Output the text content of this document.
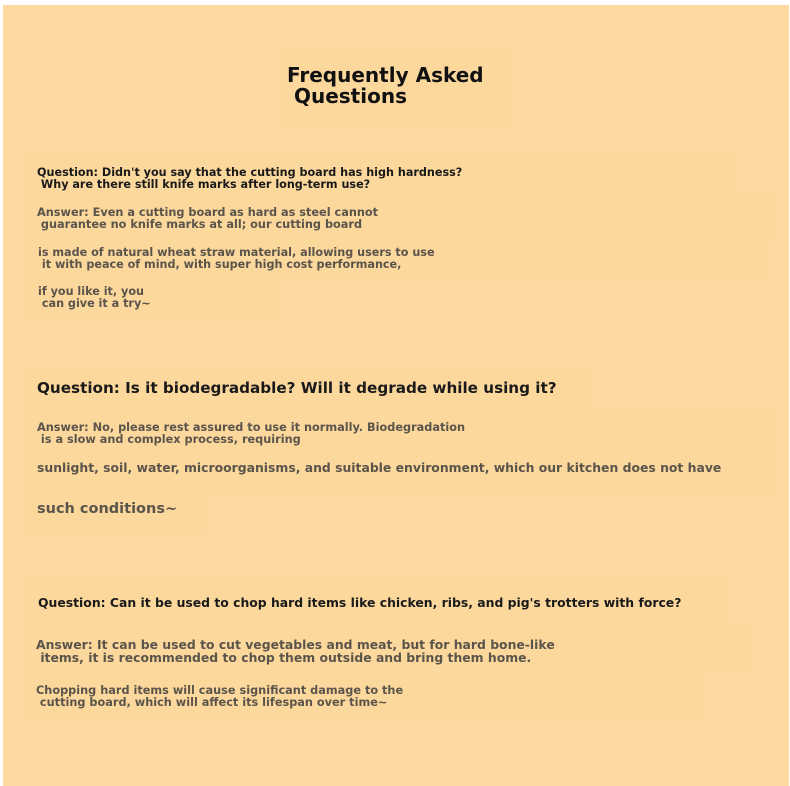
Frequently Asked
Questions

Question: Didn't you say that the cutting board has high hardness?
Why are there still knife marks after long-term use?

Answer: Even a cutting board as hard as steel cannot
guarantee no knife marks at all; our cutting board

is made of natural wheat straw material, allowing users to use
it with peace of mind, with super high cost performance,

if you like it, you
can give it a try~

Question: Is it biodegradable? Will it degrade while using it?

Answer: No, please rest assured to use it normally. Biodegradation
is a slow and complex process, requiring

sunlight, soil, water, microorganisms, and suitable environment, which our kitchen does not have

such conditions~

Question: Can it be used to chop hard items like chicken, ribs, and pig's trotters with force?

Answer: It can be used to cut vegetables and meat, but for hard bone-like
items, it is recommended to chop them outside and bring them home.

Chopping hard items will cause significant damage to the
cutting board, which will affect its lifespan over time~
